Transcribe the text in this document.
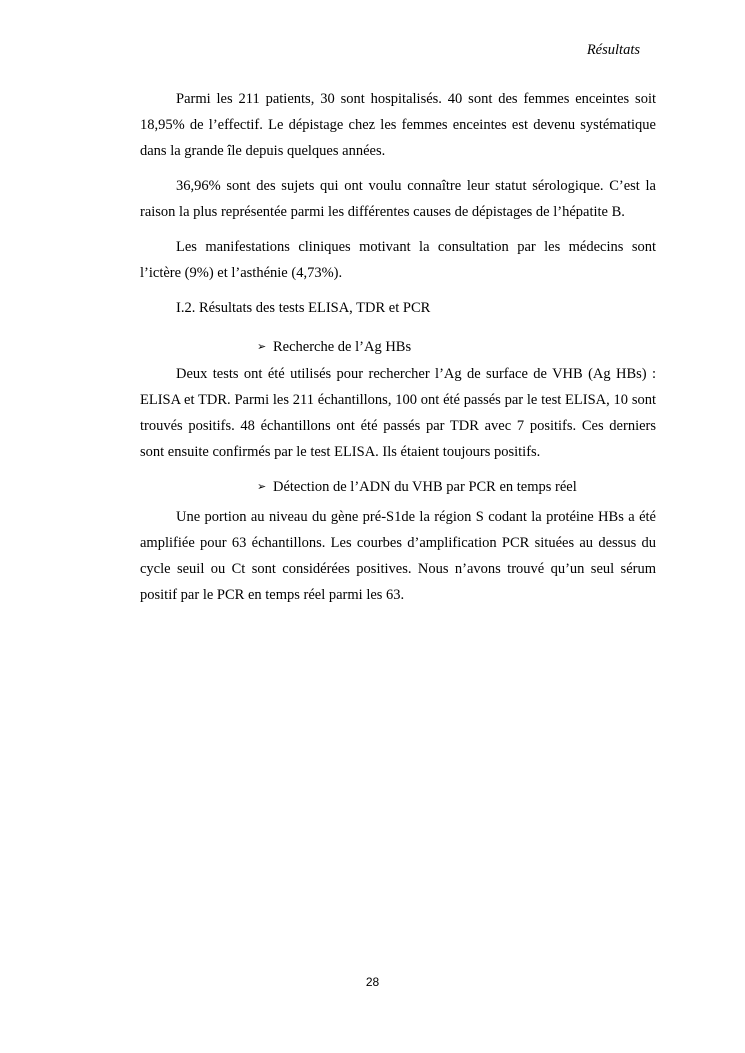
Résultats

Parmi les 211 patients, 30 sont hospitalisés. 40 sont des femmes enceintes soit 18,95% de l’effectif. Le dépistage chez les femmes enceintes est devenu systématique dans la grande île depuis quelques années.

36,96% sont des sujets qui ont voulu connaître leur statut sérologique. C’est la raison la plus représentée parmi les différentes causes de dépistages de l’hépatite B.

Les manifestations cliniques motivant la consultation par les médecins sont l’ictère (9%) et l’asthénie (4,73%).

I.2. Résultats des tests ELISA, TDR et PCR

➢ Recherche de l’Ag HBs

Deux tests ont été utilisés pour rechercher l’Ag de surface de VHB (Ag HBs) : ELISA et TDR. Parmi les 211 échantillons, 100 ont été passés par le test ELISA, 10 sont trouvés positifs. 48 échantillons ont été passés par TDR avec 7 positifs. Ces derniers sont ensuite confirmés par le test ELISA. Ils étaient toujours positifs.

➢ Détection de l’ADN du VHB par PCR en temps réel

Une portion au niveau du gène pré-S1de la région S codant la protéine HBs a été amplifiée pour 63 échantillons. Les courbes d’amplification PCR situées au dessus du cycle seuil ou Ct sont considérées positives. Nous n’avons trouvé qu’un seul sérum positif par le PCR en temps réel parmi les 63.

28
